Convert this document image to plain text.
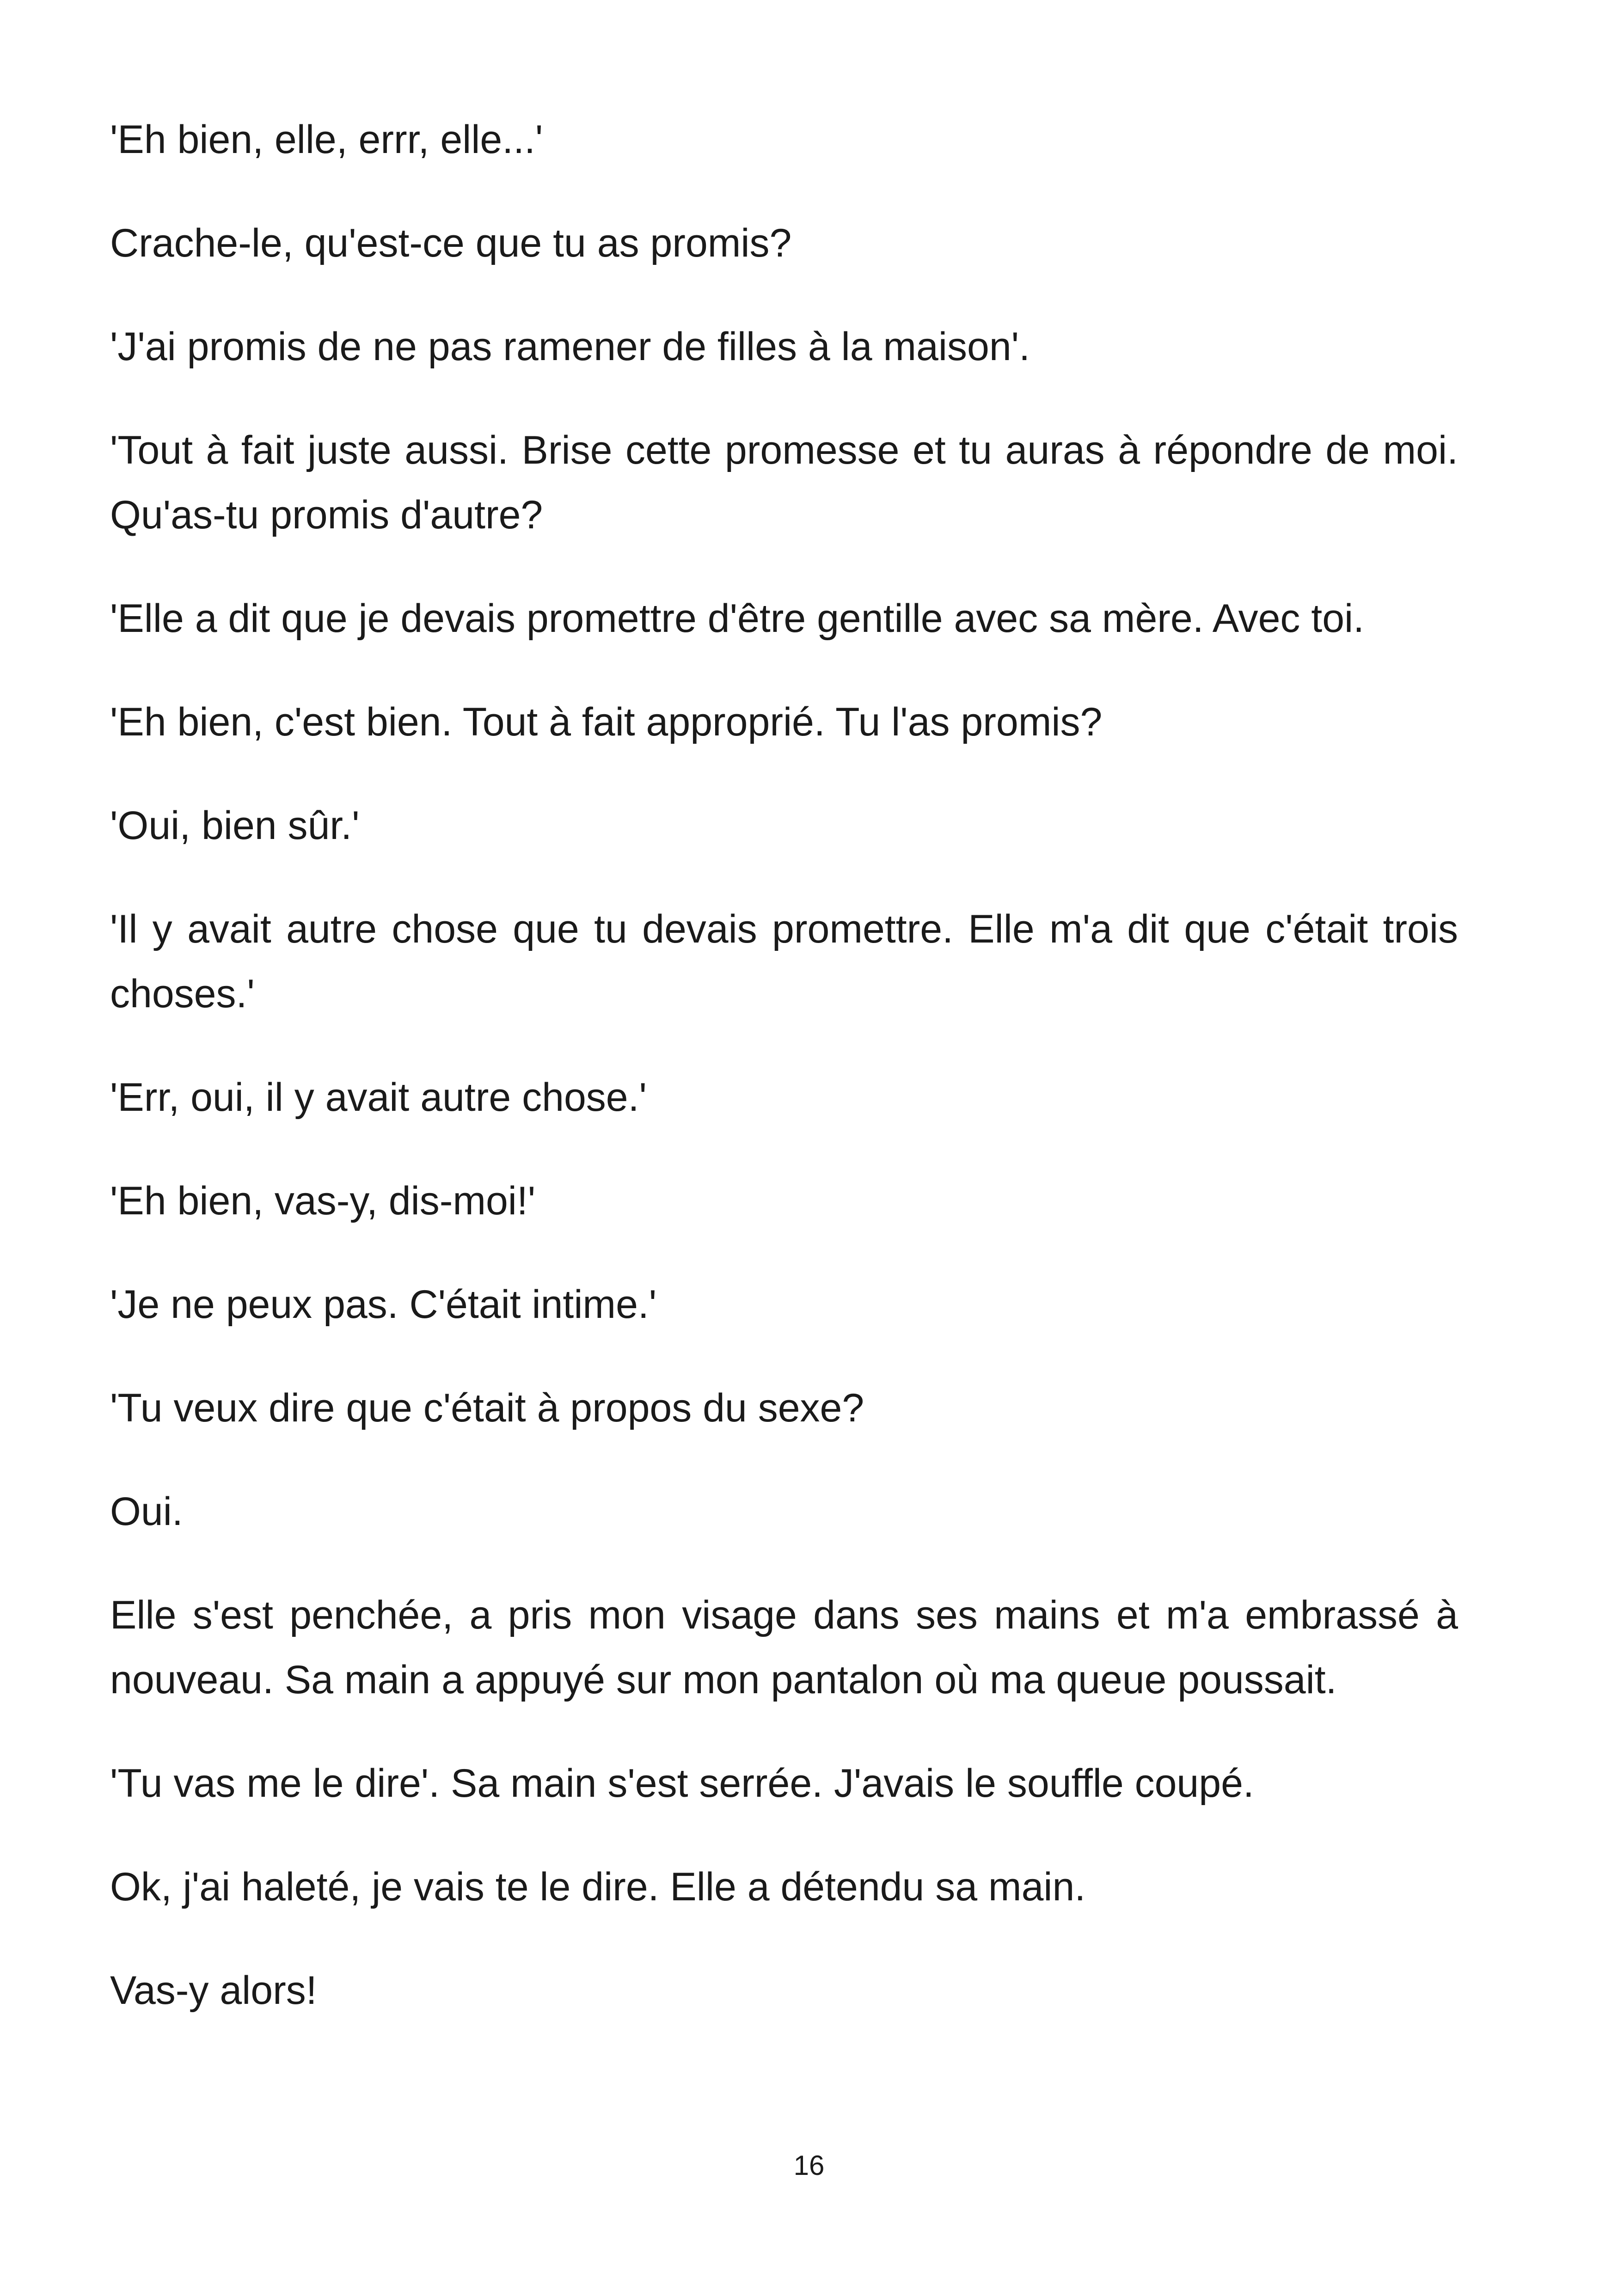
'Eh bien, elle, errr, elle...'

Crache-le, qu'est-ce que tu as promis?

'J'ai promis de ne pas ramener de filles à la maison'.

'Tout à fait juste aussi. Brise cette promesse et tu auras à répondre de moi. Qu'as-tu promis d'autre?

'Elle a dit que je devais promettre d'être gentille avec sa mère. Avec toi.

'Eh bien, c'est bien. Tout à fait approprié. Tu l'as promis?

'Oui, bien sûr.'

'Il y avait autre chose que tu devais promettre. Elle m'a dit que c'était trois choses.'

'Err, oui, il y avait autre chose.'

'Eh bien, vas-y, dis-moi!'

'Je ne peux pas. C'était intime.'

'Tu veux dire que c'était à propos du sexe?

Oui.

Elle s'est penchée, a pris mon visage dans ses mains et m'a embrassé à nouveau. Sa main a appuyé sur mon pantalon où ma queue poussait.

'Tu vas me le dire'. Sa main s'est serrée. J'avais le souffle coupé.

Ok, j'ai haleté, je vais te le dire. Elle a détendu sa main.

Vas-y alors!

16
